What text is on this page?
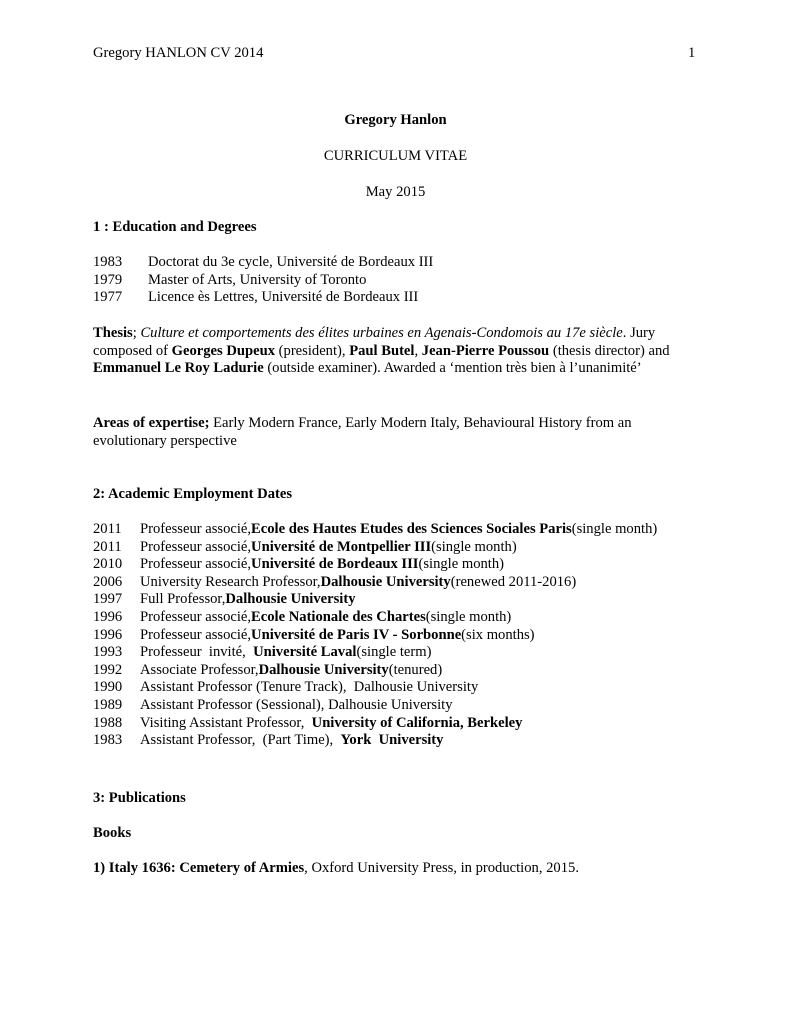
Gregory HANLON CV 2014	1
Gregory Hanlon
CURRICULUM VITAE
May 2015
1 : Education and Degrees
1983	Doctorat du 3e cycle, Université de Bordeaux III
1979	Master of Arts, University of Toronto
1977	Licence ès Lettres, Université de Bordeaux III
Thesis; Culture et comportements des élites urbaines en Agenais-Condomois au 17e siècle. Jury composed of Georges Dupeux (president), Paul Butel, Jean-Pierre Poussou (thesis director) and Emmanuel Le Roy Ladurie (outside examiner). Awarded a ‘mention très bien à l’unanimité’
Areas of expertise; Early Modern France, Early Modern Italy, Behavioural History from an evolutionary perspective
2: Academic Employment Dates
2011	Professeur associé, Ecole des Hautes Etudes des Sciences Sociales Paris (single month)
2011	Professeur associé, Université de Montpellier III (single month)
2010	Professeur associé, Université de Bordeaux III (single month)
2006	University Research Professor, Dalhousie University (renewed 2011-2016)
1997	Full Professor, Dalhousie University
1996	Professeur associé, Ecole Nationale des Chartes (single month)
1996	Professeur associé, Université de Paris IV - Sorbonne (six months)
1993	Professeur  invité, Université Laval (single term)
1992	Associate Professor, Dalhousie University (tenured)
1990	Assistant Professor (Tenure Track),  Dalhousie University
1989	Assistant Professor (Sessional), Dalhousie University
1988	Visiting Assistant Professor, University of California, Berkeley
1983	Assistant Professor,  (Part Time), York  University
3: Publications
Books
1) Italy 1636: Cemetery of Armies, Oxford University Press, in production, 2015.
